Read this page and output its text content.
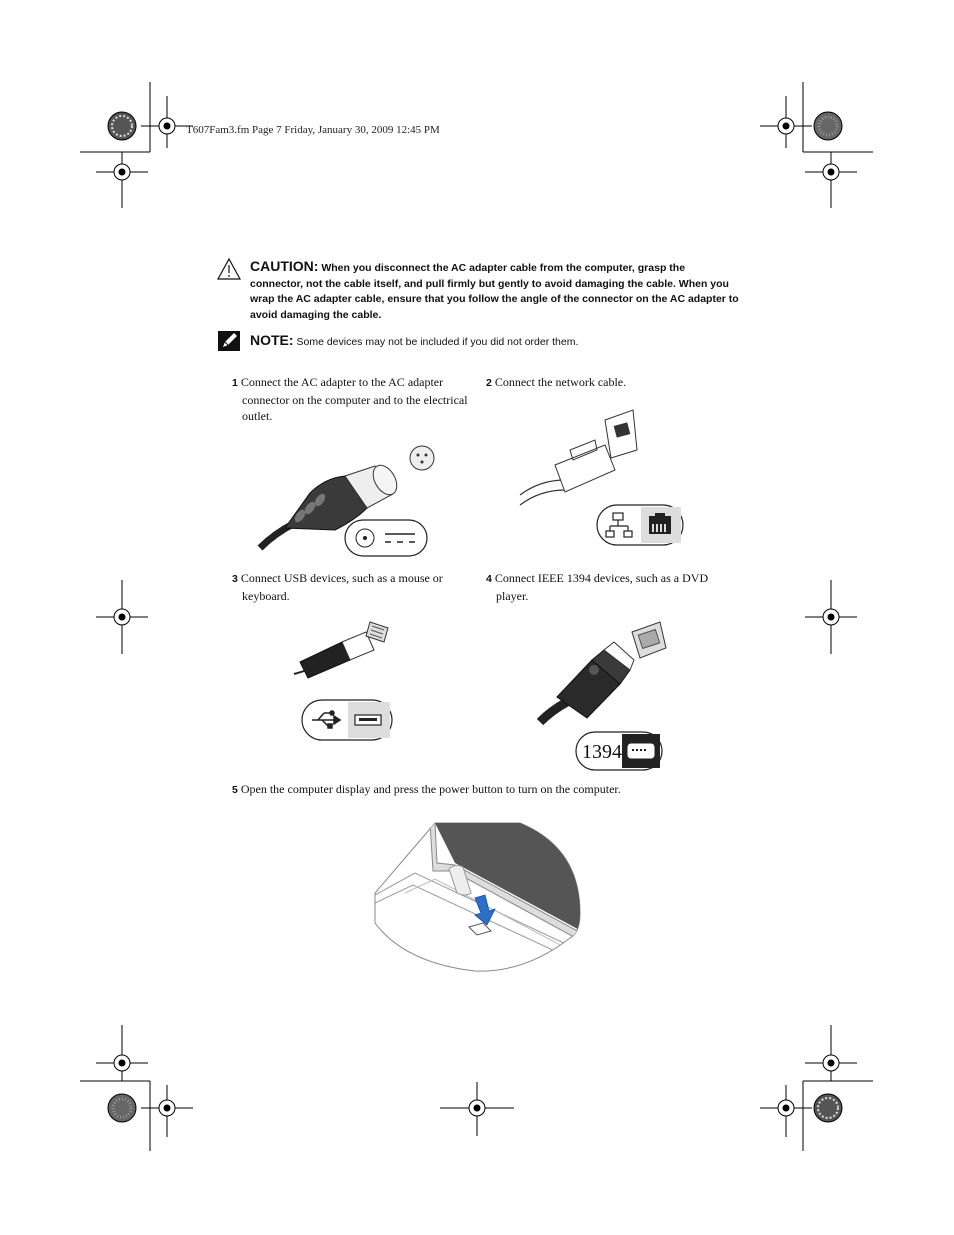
T607Fam3.fm Page 7 Friday, January 30, 2009 12:45 PM
CAUTION: When you disconnect the AC adapter cable from the computer, grasp the connector, not the cable itself, and pull firmly but gently to avoid damaging the cable. When you wrap the AC adapter cable, ensure that you follow the angle of the connector on the AC adapter to avoid damaging the cable.
NOTE: Some devices may not be included if you did not order them.
1 Connect the AC adapter to the AC adapter connector on the computer and to the electrical outlet.
2 Connect the network cable.
3 Connect USB devices, such as a mouse or keyboard.
4 Connect IEEE 1394 devices, such as a DVD player.
5 Open the computer display and press the power button to turn on the computer.
1394
